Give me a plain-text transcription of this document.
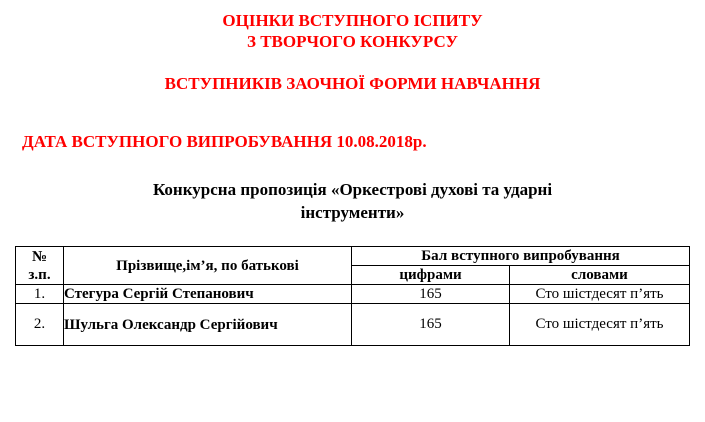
ОЦІНКИ ВСТУПНОГО ІСПИТУ
З ТВОРЧОГО КОНКУРСУ
ВСТУПНИКІВ ЗАОЧНОЇ ФОРМИ НАВЧАННЯ
ДАТА ВСТУПНОГО ВИПРОБУВАННЯ 10.08.2018р.
Конкурсна пропозиція «Оркестрові духові та ударні
інструменти»
№
з.п.	Прізвище,ім’я, по батькові	Бал вступного випробування	
		цифрами	словами
1.	Стегура Сергій Степанович	165	Сто шістдесят п’ять
2.	Шульга Олександр Сергійович	165	Сто шістдесят п’ять
